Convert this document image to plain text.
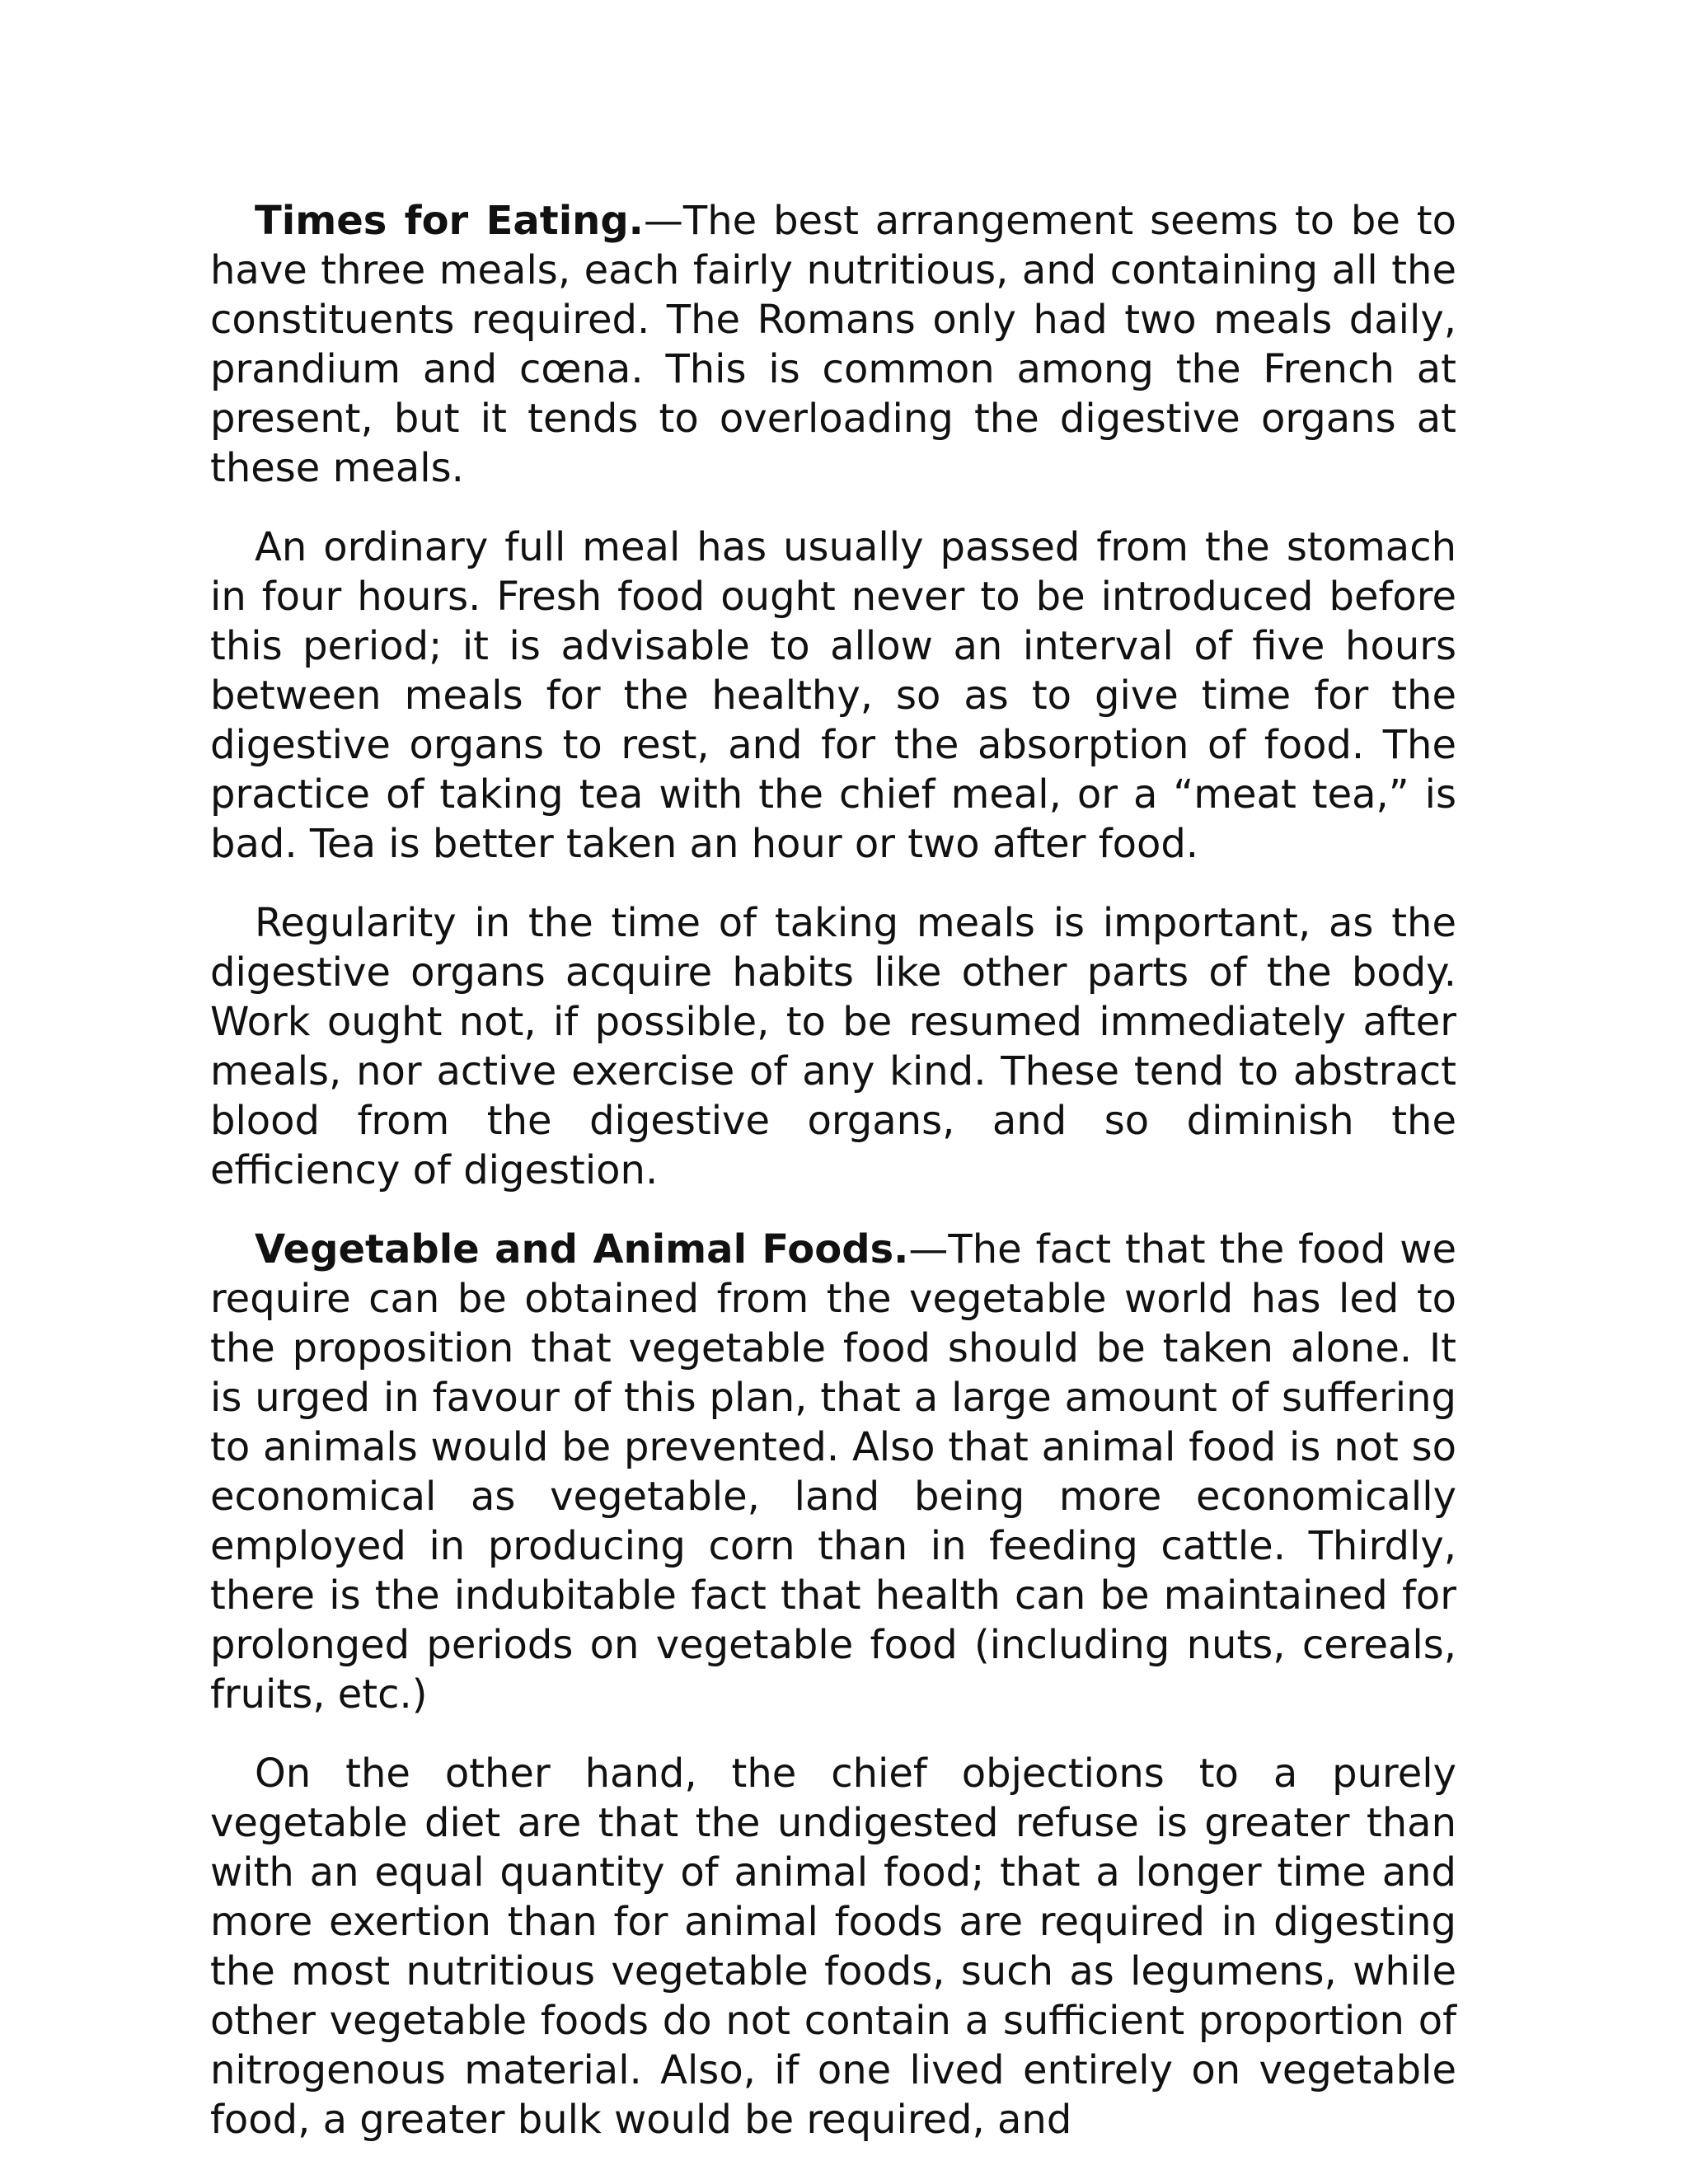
Times for Eating.—The best arrangement seems to be to have three meals, each fairly nutritious, and containing all the constituents required. The Romans only had two meals daily, prandium and cœna. This is common among the French at present, but it tends to overloading the digestive organs at these meals.

An ordinary full meal has usually passed from the stomach in four hours. Fresh food ought never to be introduced before this period; it is advisable to allow an interval of five hours between meals for the healthy, so as to give time for the digestive organs to rest, and for the absorption of food. The practice of taking tea with the chief meal, or a “meat tea,” is bad. Tea is better taken an hour or two after food.

Regularity in the time of taking meals is important, as the digestive organs acquire habits like other parts of the body. Work ought not, if possible, to be resumed immediately after meals, nor active exercise of any kind. These tend to abstract blood from the digestive organs, and so diminish the efficiency of digestion.

Vegetable and Animal Foods.—The fact that the food we require can be obtained from the vegetable world has led to the proposition that vegetable food should be taken alone. It is urged in favour of this plan, that a large amount of suffering to animals would be prevented. Also that animal food is not so economical as vegetable, land being more economically employed in producing corn than in feeding cattle. Thirdly, there is the indubitable fact that health can be maintained for prolonged periods on vegetable food (including nuts, cereals, fruits, etc.)

On the other hand, the chief objections to a purely vegetable diet are that the undigested refuse is greater than with an equal quantity of animal food; that a longer time and more exertion than for animal foods are required in digesting the most nutritious vegetable foods, such as legumens, while other vegetable foods do not contain a sufficient proportion of nitrogenous material. Also, if one lived entirely on vegetable food, a greater bulk would be required, and
